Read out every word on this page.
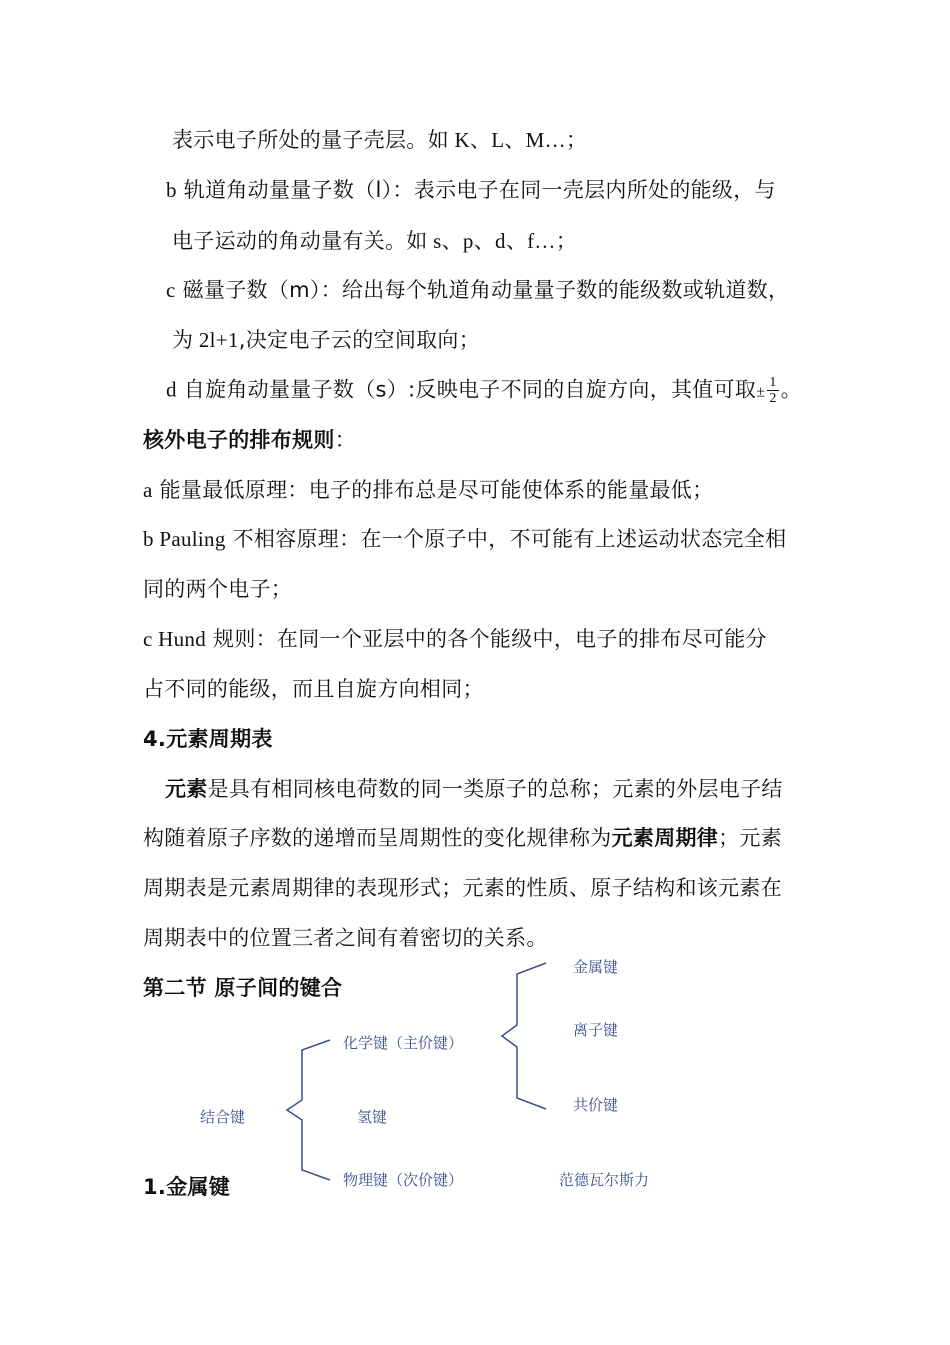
表示电子所处的量子壳层。如 K、L、M…；
b 轨道角动量量子数（l）：表示电子在同一壳层内所处的能级，与
电子运动的角动量有关。如 s、p、d、f…；
c 磁量子数（m）：给出每个轨道角动量量子数的能级数或轨道数，
为 2l+1,决定电子云的空间取向；
d 自旋角动量量子数（s）:反映电子不同的自旋方向，其值可取± $\frac{1}{2}$ 。
核外电子的排布规则：
a 能量最低原理：电子的排布总是尽可能使体系的能量最低；
b Pauling 不相容原理：在一个原子中，不可能有上述运动状态完全相
同的两个电子；
c Hund 规则：在同一个亚层中的各个能级中，电子的排布尽可能分
占不同的能级，而且自旋方向相同；
4.元素周期表
元素是具有相同核电荷数的同一类原子的总称；元素的外层电子结
构随着原子序数的递增而呈周期性的变化规律称为元素周期律；元素
周期表是元素周期律的表现形式；元素的性质、原子结构和该元素在
周期表中的位置三者之间有着密切的关系。
第二节 原子间的键合
1.金属键
结合键
化学键（主价键）
氢键
物理键（次价键）
金属键
离子键
共价键
范德瓦尔斯力
